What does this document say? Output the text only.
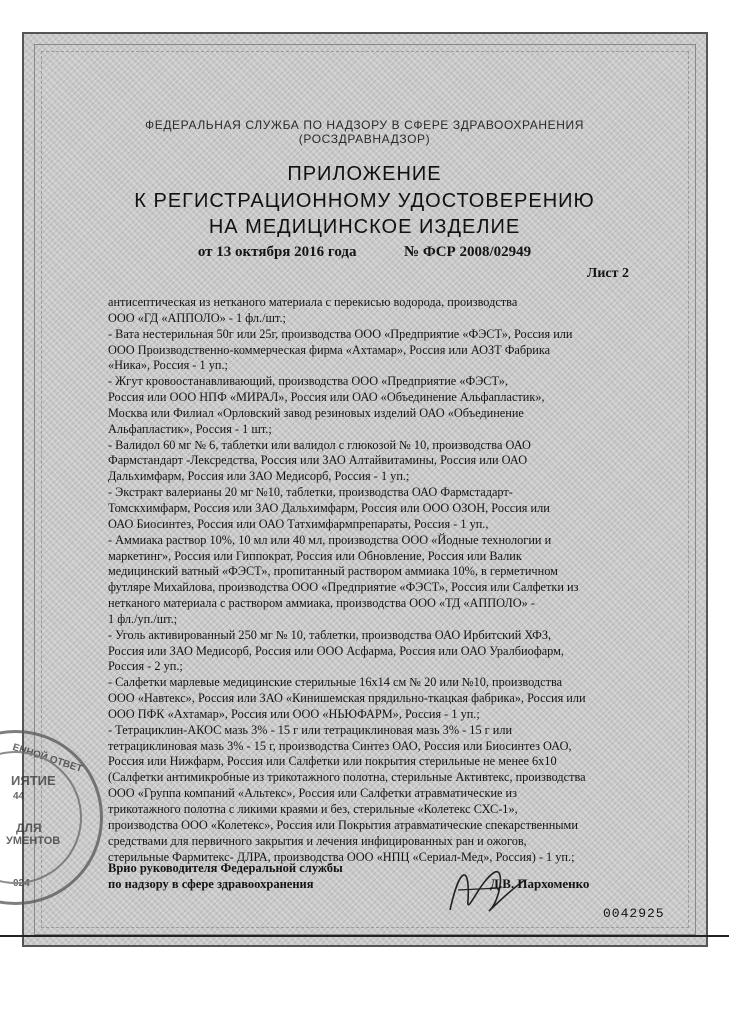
ФЕДЕРАЛЬНАЯ СЛУЖБА ПО НАДЗОРУ В СФЕРЕ ЗДРАВООХРАНЕНИЯ
(РОСЗДРАВНАДЗОР)
ПРИЛОЖЕНИЕ
К РЕГИСТРАЦИОННОМУ УДОСТОВЕРЕНИЮ
НА МЕДИЦИНСКОЕ ИЗДЕЛИЕ
от 13 октября 2016 года	№ ФСР 2008/02949
Лист 2
антисептическая из нетканого материала с перекисью водорода, производства
ООО «ГД «АППОЛО» - 1 фл./шт.;
- Вата нестерильная 50г или 25г, производства ООО «Предприятие «ФЭСТ», Россия или
ООО Производственно-коммерческая фирма «Ахтамар», Россия или АОЗТ Фабрика
«Ника», Россия - 1 уп.;
- Жгут кровоостанавливающий, производства ООО «Предприятие «ФЭСТ»,
Россия или ООО НПФ «МИРАЛ», Россия или ОАО «Объединение Альфапластик»,
Москва или Филиал «Орловский завод резиновых изделий ОАО «Объединение
Альфапластик», Россия - 1 шт.;
- Валидол 60 мг № 6, таблетки или валидол с глюкозой № 10, производства ОАО
Фармстандарт -Лексредства, Россия или ЗАО Алтайвитамины, Россия или ОАО
Дальхимфарм, Россия или ЗАО Медисорб, Россия - 1 уп.;
- Экстракт валерианы 20 мг №10, таблетки, производства ОАО Фармстадарт-
Томскхимфарм, Россия или ЗАО Дальхимфарм, Россия или ООО ОЗОН, Россия или
ОАО Биосинтез, Россия или ОАО Татхимфармпрепараты, Россия - 1 уп.,
- Аммиака раствор 10%, 10 мл или 40 мл, производства ООО «Йодные технологии и
маркетинг», Россия или Гиппократ, Россия или Обновление, Россия или Валик
медицинский ватный «ФЭСТ», пропитанный раствором аммиака 10%, в герметичном
футляре Михайлова, производства ООО «Предприятие «ФЭСТ», Россия или Салфетки из
нетканого материала с раствором аммиака, производства ООО «ТД «АППОЛО» -
1 фл./уп./шт.;
- Уголь активированный 250 мг № 10, таблетки, производства ОАО Ирбитский ХФЗ,
Россия или ЗАО Медисорб, Россия или ООО Асфарма, Россия или ОАО Уралбиофарм,
Россия - 2 уп.;
- Салфетки марлевые медицинские стерильные 16х14 см № 20 или №10, производства
ООО «Навтекс», Россия или ЗАО «Кинишемская прядильно-ткацкая фабрика», Россия или
ООО ПФК «Ахтамар», Россия или ООО «НЬЮФАРМ», Россия - 1 уп.;
- Тетрациклин-АКОС мазь 3% - 15 г или тетрациклиновая мазь 3% - 15 г или
тетрациклиновая мазь 3% - 15 г, производства Синтез ОАО, Россия или Биосинтез ОАО,
Россия или Нижфарм, Россия или Салфетки или покрытия стерильные не менее 6х10
(Салфетки антимикробные из трикотажного полотна, стерильные Активтекс, производства
ООО «Группа компаний «Альтекс», Россия или Салфетки атравматические из
трикотажного полотна с ликими краями и без, стерильные «Колетекс СХС-1»,
производства ООО «Колетекс», Россия или Покрытия атравматические спекарственными
средствами для первичного закрытия и лечения инфицированных ран и ожогов,
стерильные Фармитекс- ДЛРА, производства ООО «НПЦ «Сериал-Мед», Россия) - 1 уп.;
ЕННОЙ ОТВЕТ
ИЯТИЕ
44
ДЛЯ
УМЕНТОВ
024
Врио руководителя Федеральной службы
по надзору в сфере здравоохранения	Д.В. Пархоменко
0042925
